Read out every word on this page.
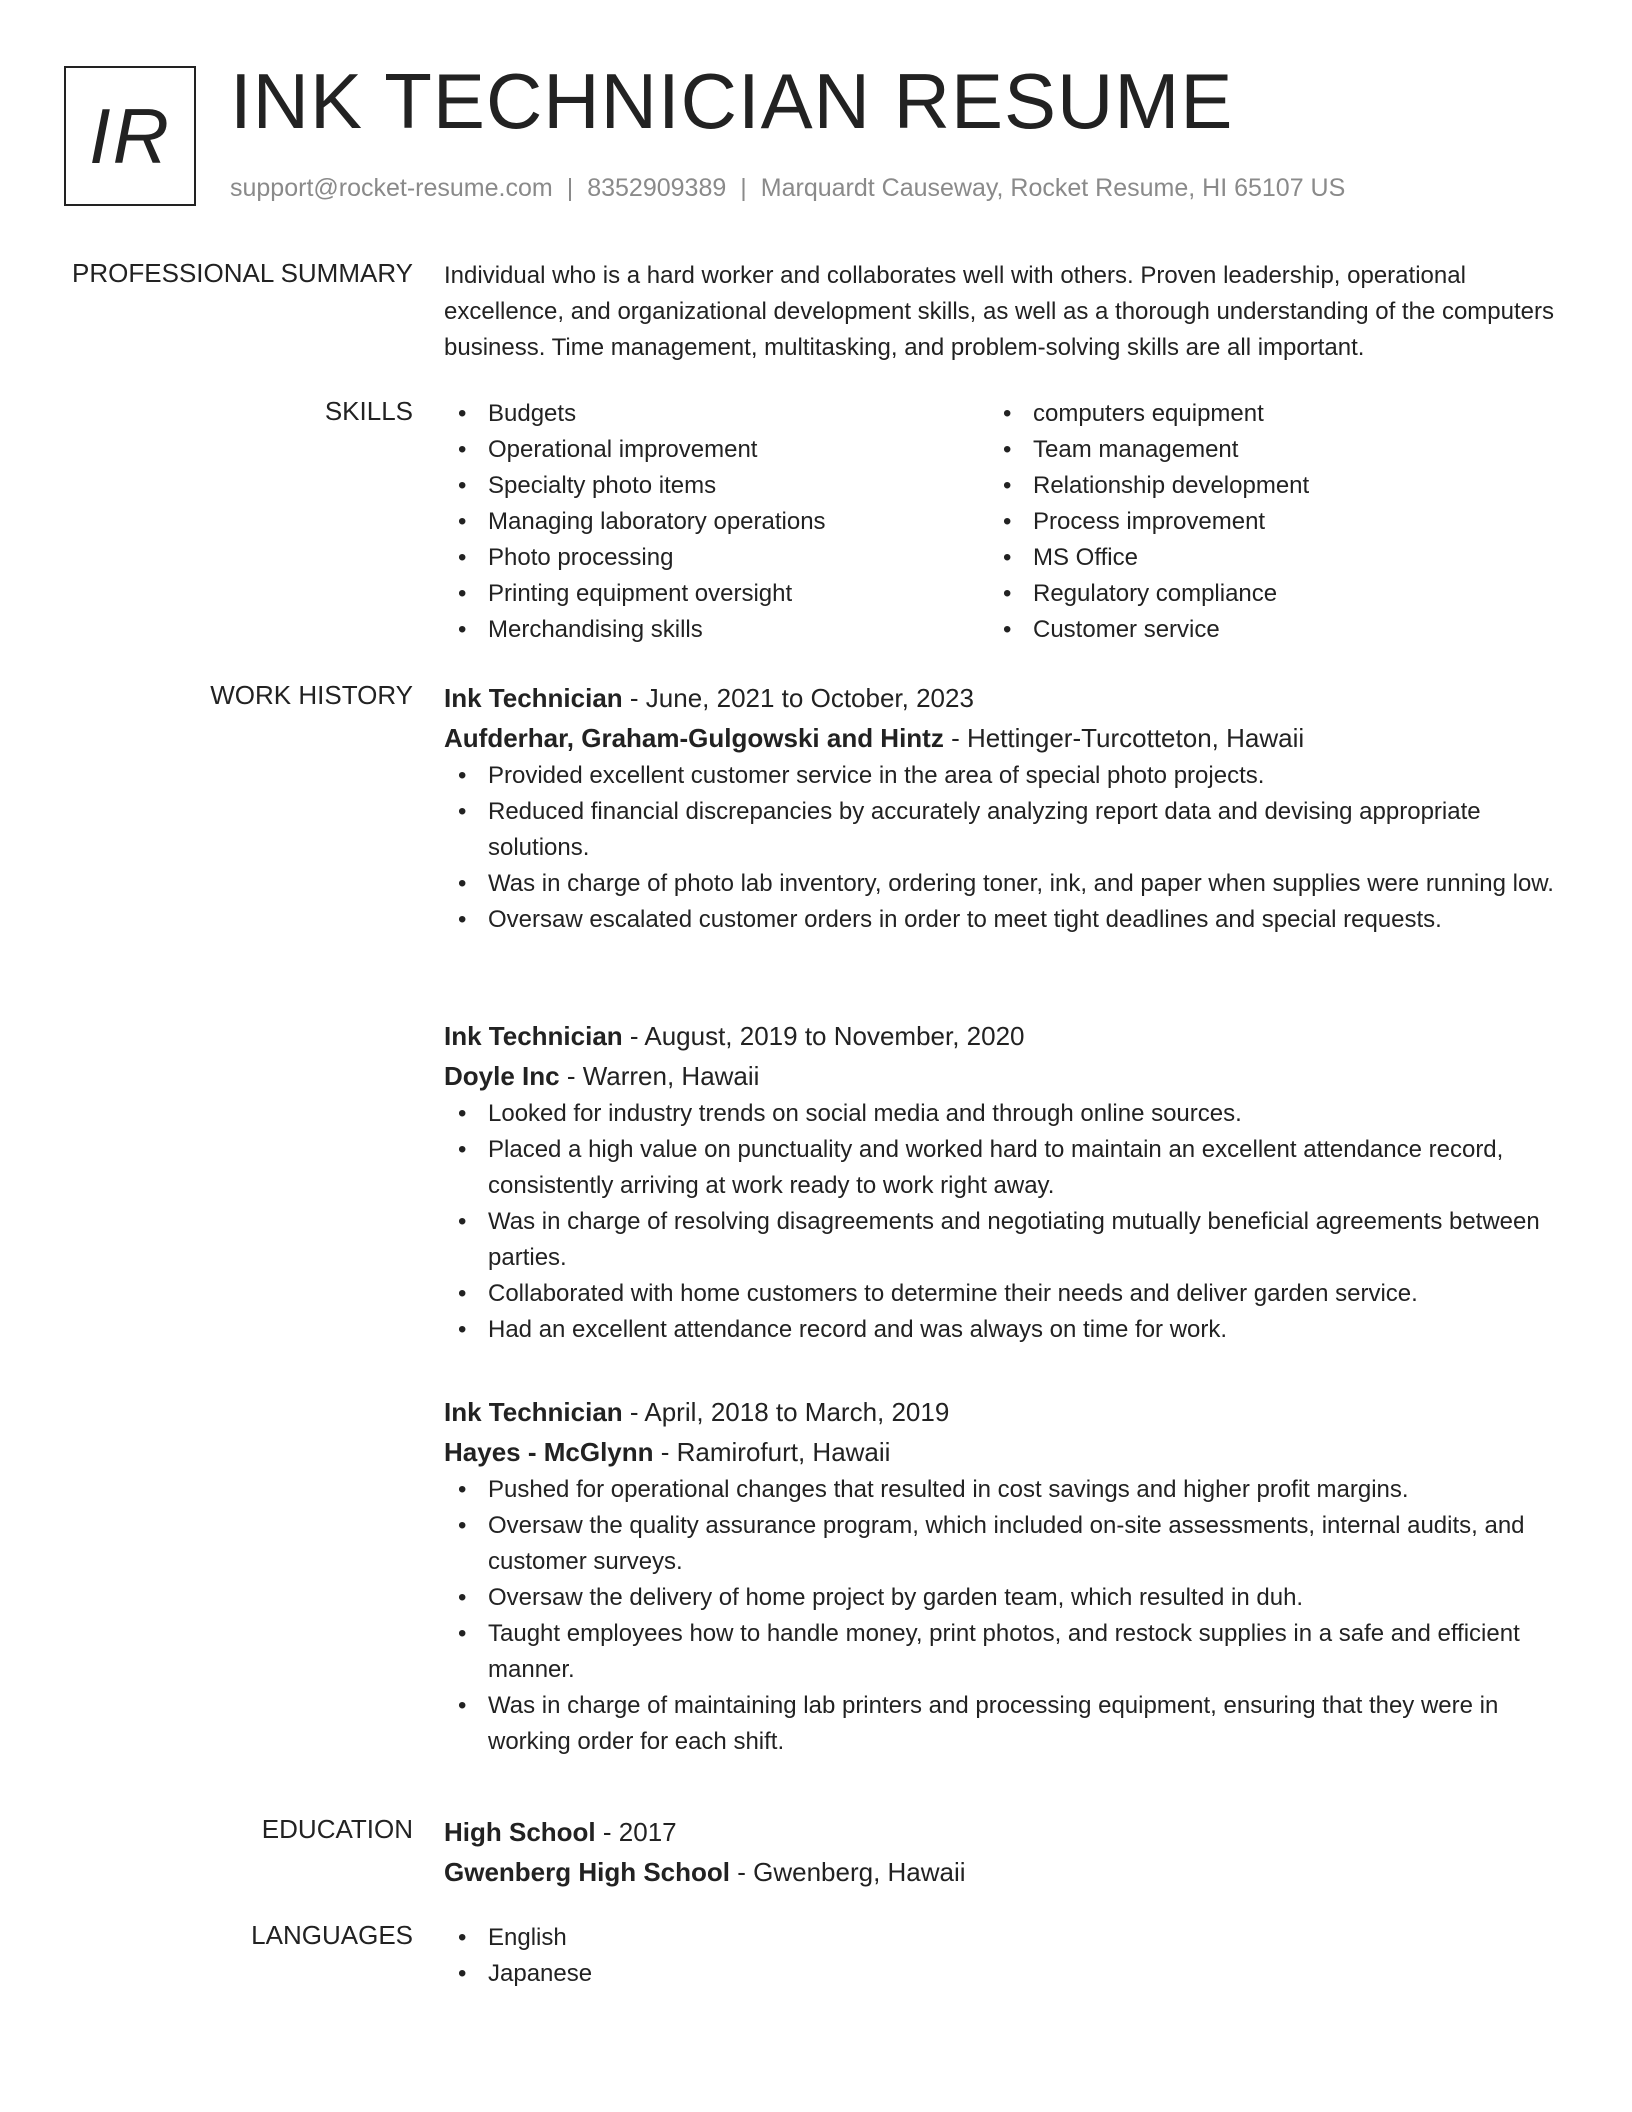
IR INK TECHNICIAN RESUME
support@rocket-resume.com | 8352909389 | Marquardt Causeway, Rocket Resume, HI 65107 US
PROFESSIONAL SUMMARY Individual who is a hard worker and collaborates well with others. Proven leadership, operational excellence, and organizational development skills, as well as a thorough understanding of the computers business. Time management, multitasking, and problem-solving skills are all important.
SKILLS	• Budgets
• Operational improvement
• Specialty photo items
• Managing laboratory operations
• Photo processing
• Printing equipment oversight
• Merchandising skills
• computers equipment
• Team management
• Relationship development
• Process improvement
• MS Office
• Regulatory compliance
• Customer service
WORK HISTORY Ink Technician - June, 2021 to October, 2023
Aufderhar, Graham-Gulgowski and Hintz - Hettinger-Turcotteton, Hawaii
• Provided excellent customer service in the area of special photo projects.
• Reduced financial discrepancies by accurately analyzing report data and devising appropriate solutions.
• Was in charge of photo lab inventory, ordering toner, ink, and paper when supplies were running low.
• Oversaw escalated customer orders in order to meet tight deadlines and special requests.
Ink Technician - August, 2019 to November, 2020
Doyle Inc - Warren, Hawaii
• Looked for industry trends on social media and through online sources.
• Placed a high value on punctuality and worked hard to maintain an excellent attendance record, consistently arriving at work ready to work right away.
• Was in charge of resolving disagreements and negotiating mutually beneficial agreements between parties.
• Collaborated with home customers to determine their needs and deliver garden service.
• Had an excellent attendance record and was always on time for work.
Ink Technician - April, 2018 to March, 2019
Hayes - McGlynn - Ramirofurt, Hawaii
• Pushed for operational changes that resulted in cost savings and higher profit margins.
• Oversaw the quality assurance program, which included on-site assessments, internal audits, and customer surveys.
• Oversaw the delivery of home project by garden team, which resulted in duh.
• Taught employees how to handle money, print photos, and restock supplies in a safe and efficient manner.
• Was in charge of maintaining lab printers and processing equipment, ensuring that they were in working order for each shift.
EDUCATION High School - 2017
Gwenberg High School - Gwenberg, Hawaii
LANGUAGES	• English
• Japanese
